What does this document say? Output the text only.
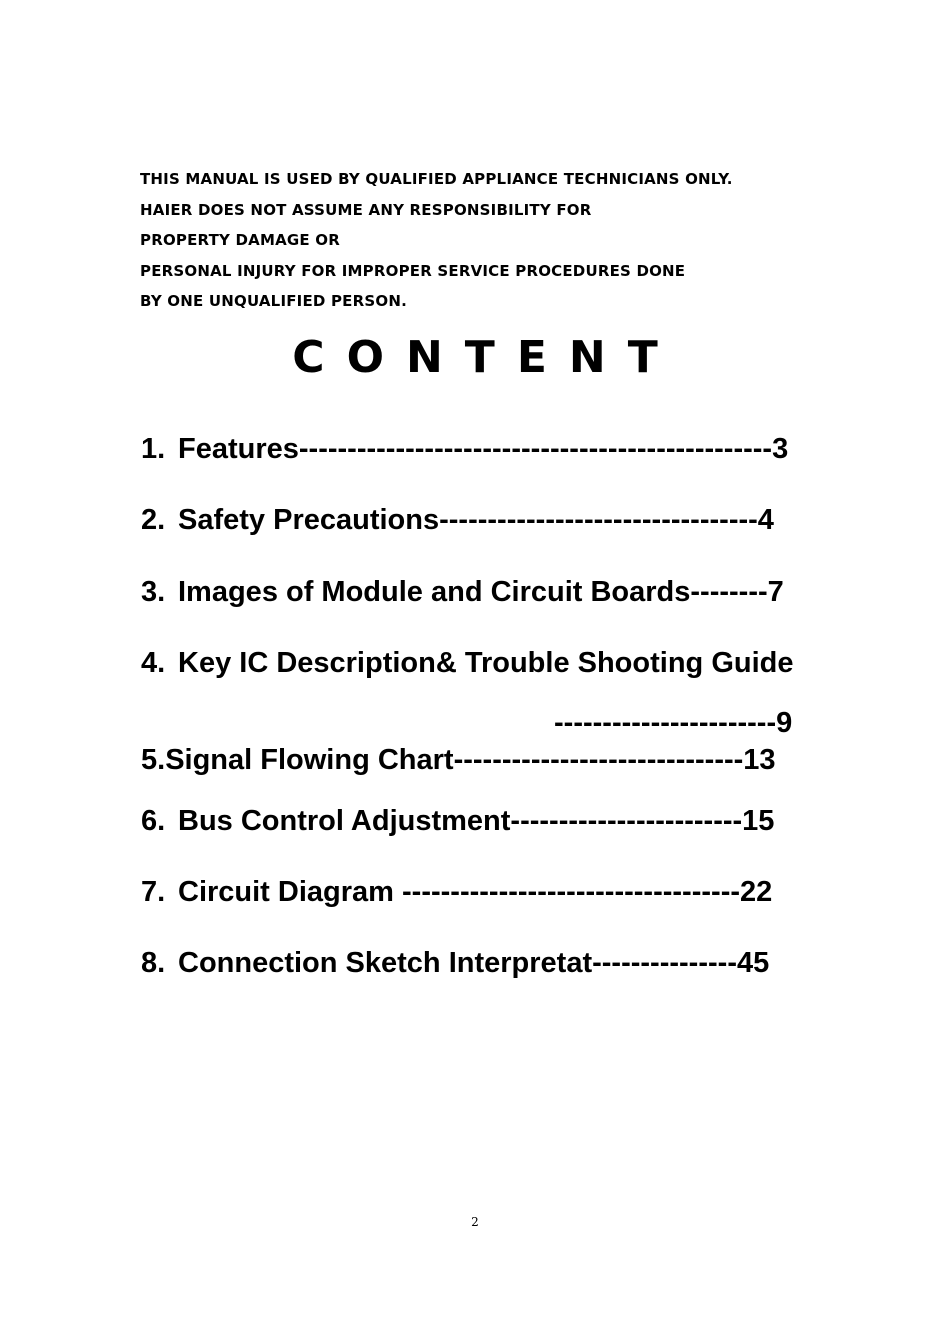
THIS MANUAL IS USED BY QUALIFIED APPLIANCE TECHNICIANS ONLY.
HAIER DOES NOT ASSUME ANY RESPONSIBILITY FOR
PROPERTY DAMAGE OR
PERSONAL INJURY FOR IMPROPER SERVICE PROCEDURES DONE
BY ONE UNQUALIFIED PERSON.
CONTENT
1. Features-------------------------------------------------3
2. Safety Precautions---------------------------------4
3. Images of Module and Circuit Boards--------7
4. Key IC Description& Trouble Shooting Guide
-----------------------9
5.Signal Flowing Chart------------------------------13
6. Bus Control Adjustment------------------------15
7. Circuit Diagram -----------------------------------22
8. Connection Sketch Interpretat---------------45
2
